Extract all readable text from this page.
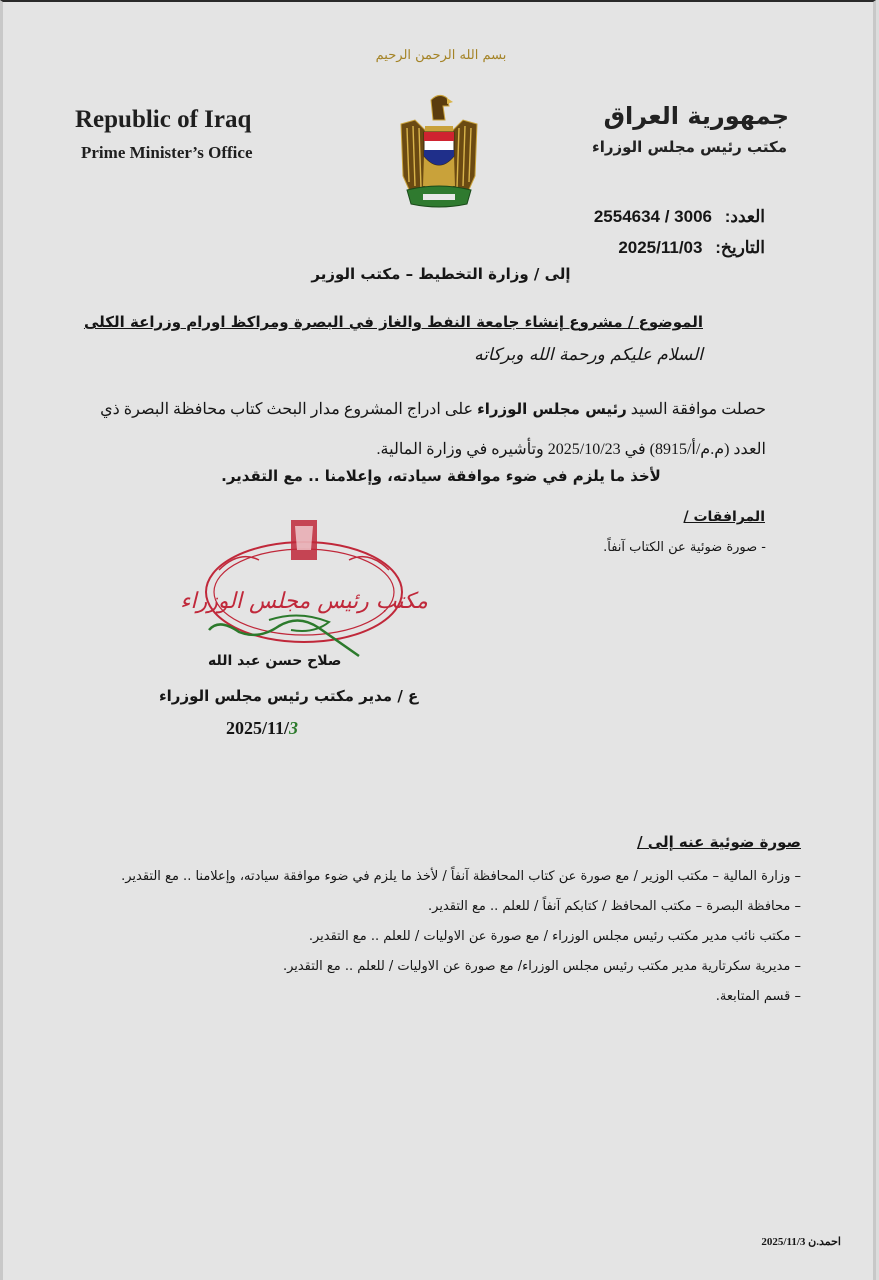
بسم الله الرحمن الرحيم
Republic of Iraq
Prime Minister’s Office
جمهورية العراق
مكتب رئيس مجلس الوزراء
العدد: 2554634 / 3006
التاريخ: 2025/11/03
إلى / وزارة التخطيط – مكتب الوزير
الموضوع / مشروع إنشاء جامعة النفط والغاز في البصرة ومراكظ اورام وزراعة الكلى
السلام عليكم ورحمة الله وبركاته
حصلت موافقة السيد رئيس مجلس الوزراء على ادراج المشروع مدار البحث كتاب محافظة البصرة ذي العدد (م.م/أ/8915) في 2025/10/23 وتأشيره في وزارة المالية.
لأخذ ما يلزم في ضوء موافقة سيادته، وإعلامنا .. مع التقدير.
المرافقات /
- صورة ضوئية عن الكتاب آنفاً.
مكتب رئيس مجلس الوزراء
صلاح حسن عبد الله
ع / مدير مكتب رئيس مجلس الوزراء
2025/11/3
صورة ضوئية عنه إلى /
– وزارة المالية – مكتب الوزير / مع صورة عن كتاب المحافظة آنفاً / لأخذ ما يلزم في ضوء موافقة سيادته، وإعلامنا .. مع التقدير.
– محافظة البصرة – مكتب المحافظ / كتابكم آنفاً / للعلم .. مع التقدير.
– مكتب نائب مدير مكتب رئيس مجلس الوزراء / مع صورة عن الاوليات / للعلم .. مع التقدير.
– مديرية سكرتارية مدير مكتب رئيس مجلس الوزراء/ مع صورة عن الاوليات / للعلم .. مع التقدير.
– قسم المتابعة.
احمد.ن 2025/11/3
